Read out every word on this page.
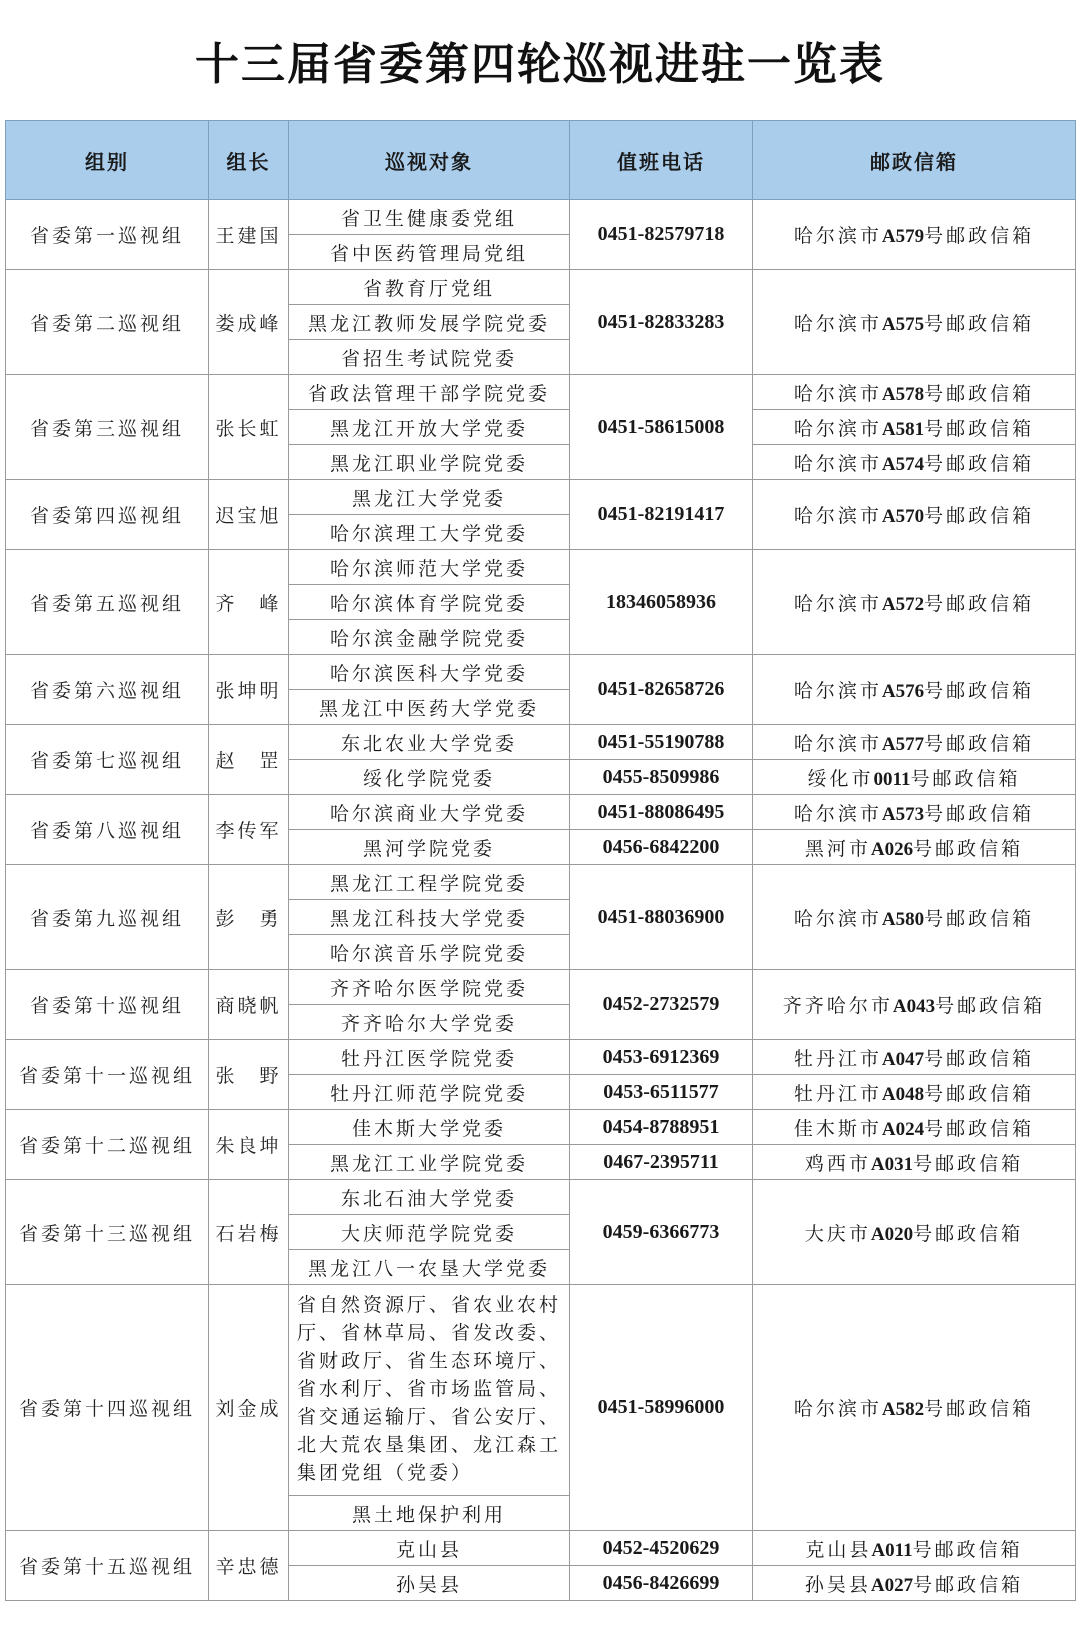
十三届省委第四轮巡视进驻一览表
组别	组长	巡视对象	值班电话	邮政信箱
省委第一巡视组	王建国	省卫生健康委党组	0451-82579718	哈尔滨市A579号邮政信箱
		省中医药管理局党组		
省委第二巡视组	娄成峰	省教育厅党组	0451-82833283	哈尔滨市A575号邮政信箱
		黑龙江教师发展学院党委		
		省招生考试院党委		
省委第三巡视组	张长虹	省政法管理干部学院党委	0451-58615008	哈尔滨市A578号邮政信箱
		黑龙江开放大学党委		哈尔滨市A581号邮政信箱
		黑龙江职业学院党委		哈尔滨市A574号邮政信箱
省委第四巡视组	迟宝旭	黑龙江大学党委	0451-82191417	哈尔滨市A570号邮政信箱
		哈尔滨理工大学党委		
省委第五巡视组	齐　峰	哈尔滨师范大学党委	18346058936	哈尔滨市A572号邮政信箱
		哈尔滨体育学院党委		
		哈尔滨金融学院党委		
省委第六巡视组	张坤明	哈尔滨医科大学党委	0451-82658726	哈尔滨市A576号邮政信箱
		黑龙江中医药大学党委		
省委第七巡视组	赵　罡	东北农业大学党委	0451-55190788	哈尔滨市A577号邮政信箱
		绥化学院党委	0455-8509986	绥化市0011号邮政信箱
省委第八巡视组	李传军	哈尔滨商业大学党委	0451-88086495	哈尔滨市A573号邮政信箱
		黑河学院党委	0456-6842200	黑河市A026号邮政信箱
省委第九巡视组	彭　勇	黑龙江工程学院党委	0451-88036900	哈尔滨市A580号邮政信箱
		黑龙江科技大学党委		
		哈尔滨音乐学院党委		
省委第十巡视组	商晓帆	齐齐哈尔医学院党委	0452-2732579	齐齐哈尔市A043号邮政信箱
		齐齐哈尔大学党委		
省委第十一巡视组	张　野	牡丹江医学院党委	0453-6912369	牡丹江市A047号邮政信箱
		牡丹江师范学院党委	0453-6511577	牡丹江市A048号邮政信箱
省委第十二巡视组	朱良坤	佳木斯大学党委	0454-8788951	佳木斯市A024号邮政信箱
		黑龙江工业学院党委	0467-2395711	鸡西市A031号邮政信箱
省委第十三巡视组	石岩梅	东北石油大学党委	0459-6366773	大庆市A020号邮政信箱
		大庆师范学院党委		
		黑龙江八一农垦大学党委		
省委第十四巡视组	刘金成	省自然资源厅、省农业农村厅、省林草局、省发改委、省财政厅、省生态环境厅、省水利厅、省市场监管局、省交通运输厅、省公安厅、北大荒农垦集团、龙江森工集团党组（党委）	0451-58996000	哈尔滨市A582号邮政信箱
		黑土地保护利用		
省委第十五巡视组	辛忠德	克山县	0452-4520629	克山县A011号邮政信箱
		孙吴县	0456-8426699	孙吴县A027号邮政信箱
